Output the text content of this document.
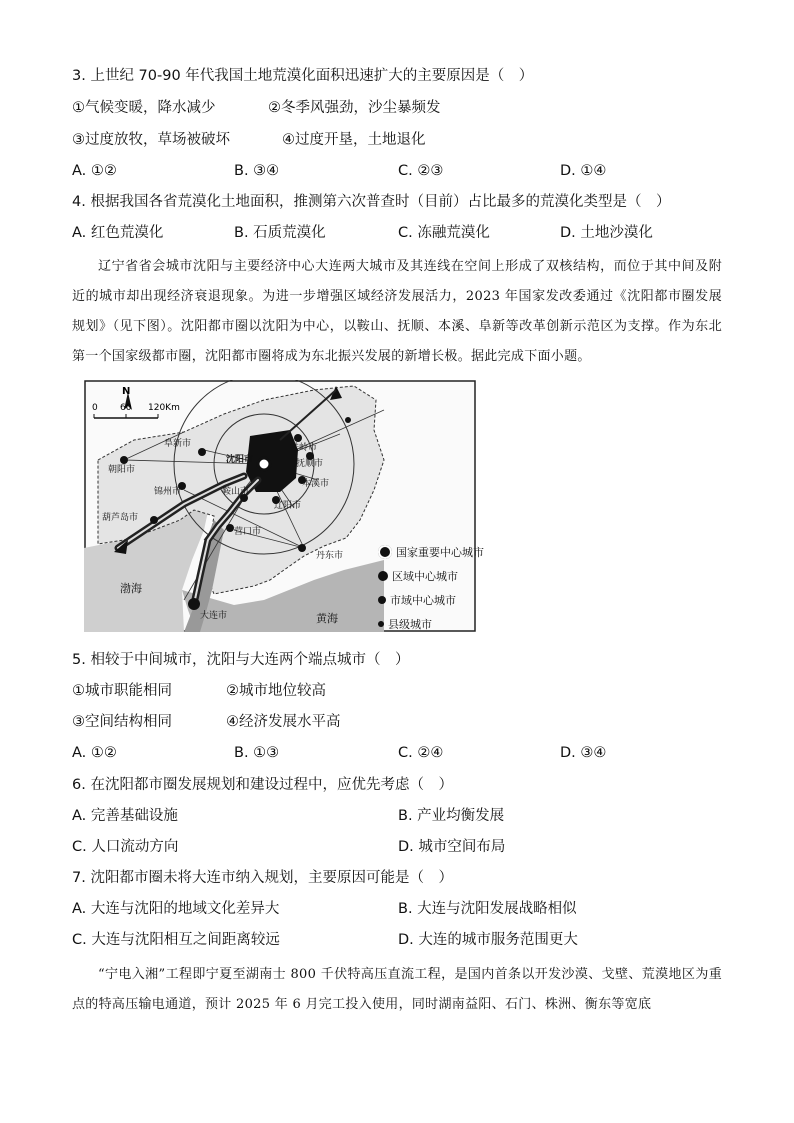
3. 上世纪 70-90 年代我国土地荒漠化面积迅速扩大的主要原因是（　）
①气候变暖，降水减少	②冬季风强劲，沙尘暴频发
③过度放牧，草场被破坏	④过度开垦，土地退化
A. ①②	B. ③④	C. ②③	D. ①④
4. 根据我国各省荒漠化土地面积，推测第六次普查时（目前）占比最多的荒漠化类型是（　）
A. 红色荒漠化	B. 石质荒漠化	C. 冻融荒漠化	D. 土地沙漠化
辽宁省省会城市沈阳与主要经济中心大连两大城市及其连线在空间上形成了双核结构，而位于其中间及附近的城市却出现经济衰退现象。为进一步增强区域经济发展活力，2023 年国家发改委通过《沈阳都市圈发展规划》（见下图）。沈阳都市圈以沈阳为中心，以鞍山、抚顺、本溪、阜新等改革创新示范区为支撑。作为东北第一个国家级都市圈，沈阳都市圈将成为东北振兴发展的新增长极。据此完成下面小题。
N
0 60 120Km
朝阳市
阜新市
沈阳市
铁岭市
抚顺市
锦州市	鞍山市
本溪市
辽阳市
葫芦岛市
营口市
丹东市
大连市
渤海
黄海
国家重要中心城市
区域中心城市
市域中心城市
县级城市
5. 相较于中间城市，沈阳与大连两个端点城市（　）
①城市职能相同	②城市地位较高
③空间结构相同	④经济发展水平高
A. ①②	B. ①③	C. ②④	D. ③④
6. 在沈阳都市圈发展规划和建设过程中，应优先考虑（　）
A. 完善基础设施	B. 产业均衡发展
C. 人口流动方向	D. 城市空间布局
7. 沈阳都市圈未将大连市纳入规划，主要原因可能是（　）
A. 大连与沈阳的地域文化差异大	B. 大连与沈阳发展战略相似
C. 大连与沈阳相互之间距离较远	D. 大连的城市服务范围更大
“宁电入湘”工程即宁夏至湖南士 800 千伏特高压直流工程，是国内首条以开发沙漠、戈壁、荒漠地区为重点的特高压输电通道，预计 2025 年 6 月完工投入使用，同时湖南益阳、石门、株洲、衡东等宽底
